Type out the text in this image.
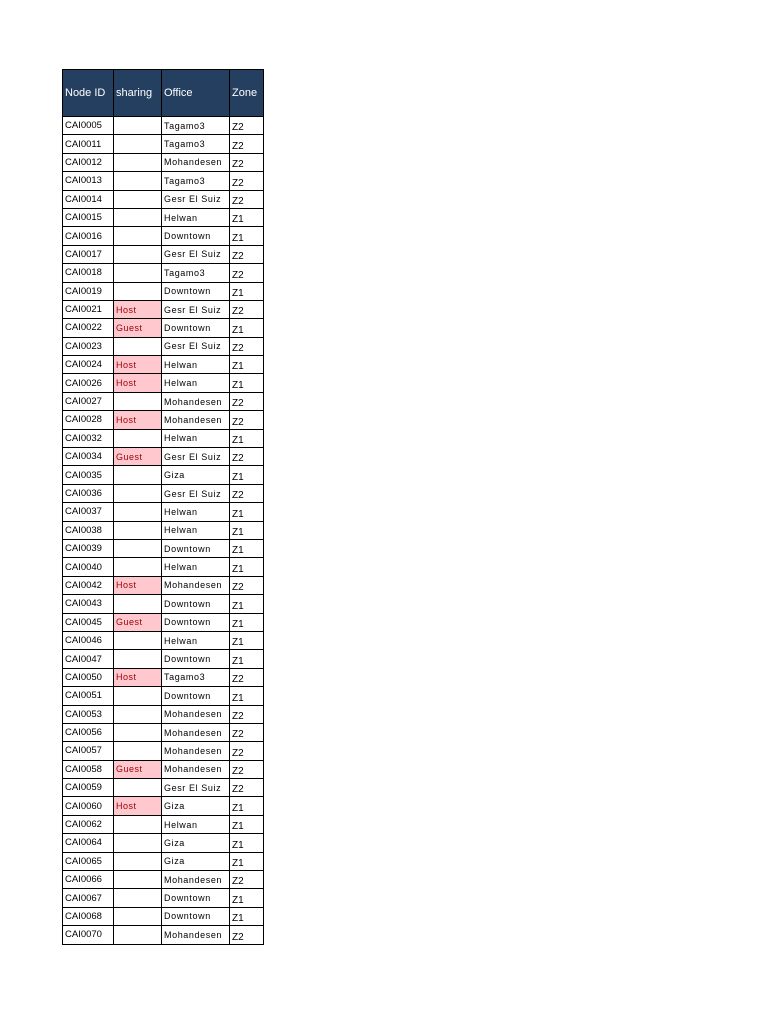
Node ID	sharing	Office	Zone
CAI0005		Tagamo3	Z2
CAI0011		Tagamo3	Z2
CAI0012		Mohandesen	Z2
CAI0013		Tagamo3	Z2
CAI0014		Gesr El Suiz	Z2
CAI0015		Helwan	Z1
CAI0016		Downtown	Z1
CAI0017		Gesr El Suiz	Z2
CAI0018		Tagamo3	Z2
CAI0019		Downtown	Z1
CAI0021	Host	Gesr El Suiz	Z2
CAI0022	Guest	Downtown	Z1
CAI0023		Gesr El Suiz	Z2
CAI0024	Host	Helwan	Z1
CAI0026	Host	Helwan	Z1
CAI0027		Mohandesen	Z2
CAI0028	Host	Mohandesen	Z2
CAI0032		Helwan	Z1
CAI0034	Guest	Gesr El Suiz	Z2
CAI0035		Giza	Z1
CAI0036		Gesr El Suiz	Z2
CAI0037		Helwan	Z1
CAI0038		Helwan	Z1
CAI0039		Downtown	Z1
CAI0040		Helwan	Z1
CAI0042	Host	Mohandesen	Z2
CAI0043		Downtown	Z1
CAI0045	Guest	Downtown	Z1
CAI0046		Helwan	Z1
CAI0047		Downtown	Z1
CAI0050	Host	Tagamo3	Z2
CAI0051		Downtown	Z1
CAI0053		Mohandesen	Z2
CAI0056		Mohandesen	Z2
CAI0057		Mohandesen	Z2
CAI0058	Guest	Mohandesen	Z2
CAI0059		Gesr El Suiz	Z2
CAI0060	Host	Giza	Z1
CAI0062		Helwan	Z1
CAI0064		Giza	Z1
CAI0065		Giza	Z1
CAI0066		Mohandesen	Z2
CAI0067		Downtown	Z1
CAI0068		Downtown	Z1
CAI0070		Mohandesen	Z2
